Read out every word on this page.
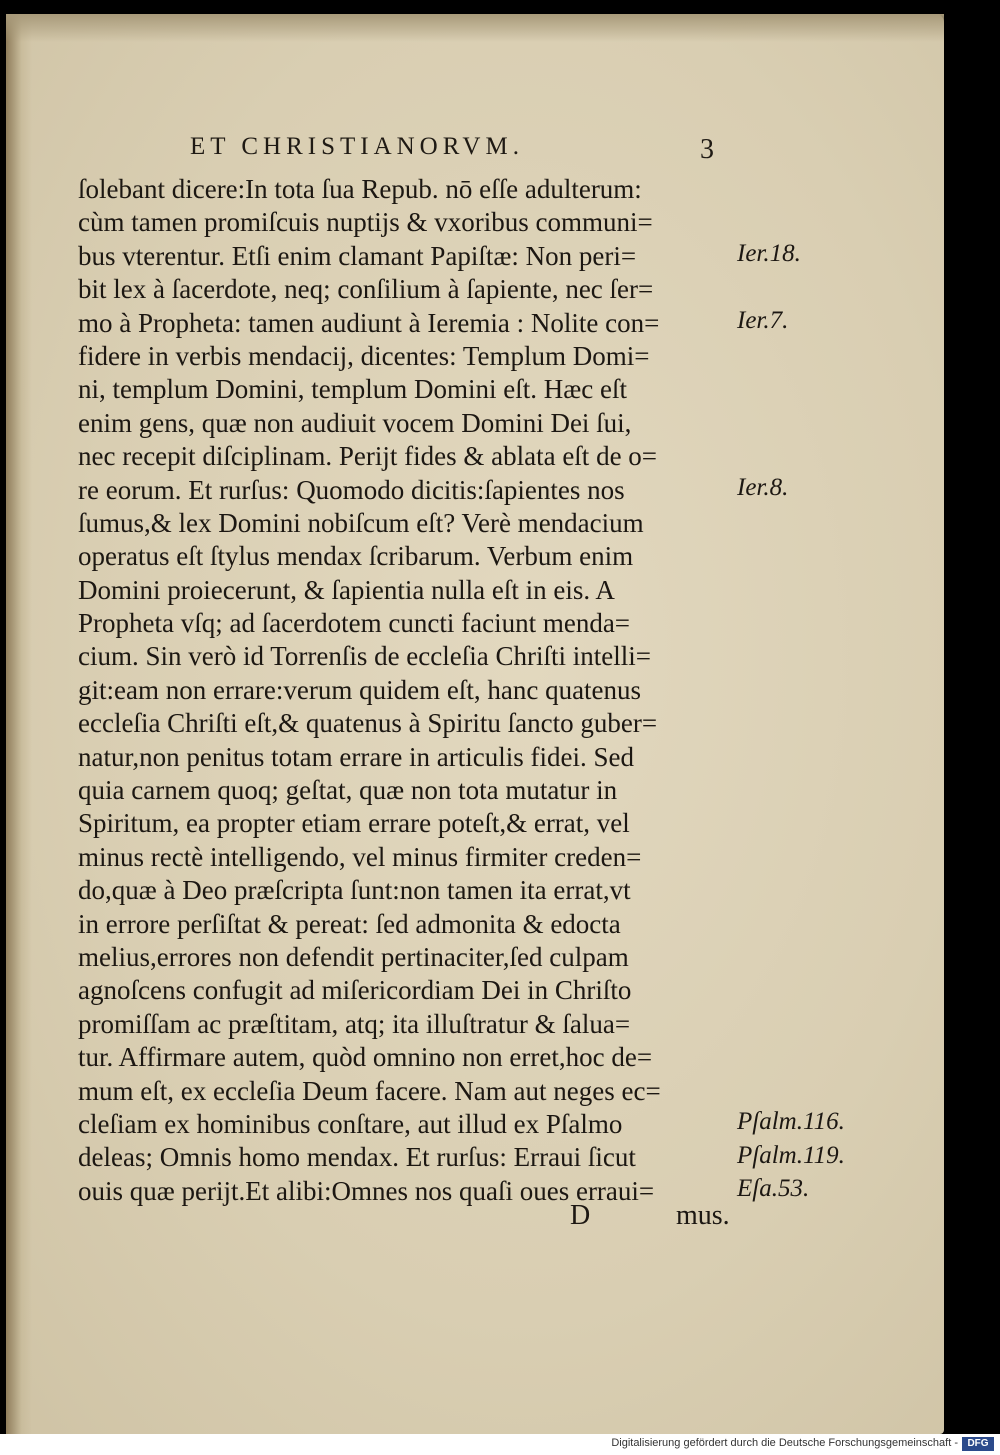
ET CHRISTIANORVM.	3
ſolebant dicere:In tota ſua Repub. nō eſſe adulterum:
cùm tamen promiſcuis nuptijs & vxoribus communi=
bus vterentur. Etſi enim clamant Papiſtæ: Non peri=
bit lex à ſacerdote, neq; conſilium à ſapiente, nec ſer=
mo à Propheta: tamen audiunt à Ieremia : Nolite con=
fidere in verbis mendacij, dicentes: Templum Domi=
ni, templum Domini, templum Domini eſt. Hæc eſt
enim gens, quæ non audiuit vocem Domini Dei ſui,
nec recepit diſciplinam. Perijt fides & ablata eſt de o=
re eorum. Et rurſus: Quomodo dicitis:ſapientes nos
ſumus,& lex Domini nobiſcum eſt? Verè mendacium
operatus eſt ſtylus mendax ſcribarum. Verbum enim
Domini proiecerunt, & ſapientia nulla eſt in eis. A
Propheta vſq; ad ſacerdotem cuncti faciunt menda=
cium. Sin verò id Torrenſis de eccleſia Chriſti intelli=
git:eam non errare:verum quidem eſt, hanc quatenus
eccleſia Chriſti eſt,& quatenus à Spiritu ſancto guber=
natur,non penitus totam errare in articulis fidei. Sed
quia carnem quoq; geſtat, quæ non tota mutatur in
Spiritum, ea propter etiam errare poteſt,& errat, vel
minus rectè intelligendo, vel minus firmiter creden=
do,quæ à Deo præſcripta ſunt:non tamen ita errat,vt
in errore perſiſtat & pereat: ſed admonita & edocta
melius,errores non defendit pertinaciter,ſed culpam
agnoſcens confugit ad miſericordiam Dei in Chriſto
promiſſam ac præſtitam, atq; ita illuſtratur & ſalua=
tur. Affirmare autem, quòd omnino non erret,hoc de=
mum eſt, ex eccleſia Deum facere. Nam aut neges ec=
cleſiam ex hominibus conſtare, aut illud ex Pſalmo
deleas; Omnis homo mendax. Et rurſus: Erraui ſicut
ouis quæ perijt.Et alibi:Omnes nos quaſi oues erraui=
Ier.18.
Ier.7.
Ier.8.
Pſalm.116.
Pſalm.119.
Eſa.53.
D	mus.
Digitalisierung gefördert durch die Deutsche Forschungsgemeinschaft - DFG
